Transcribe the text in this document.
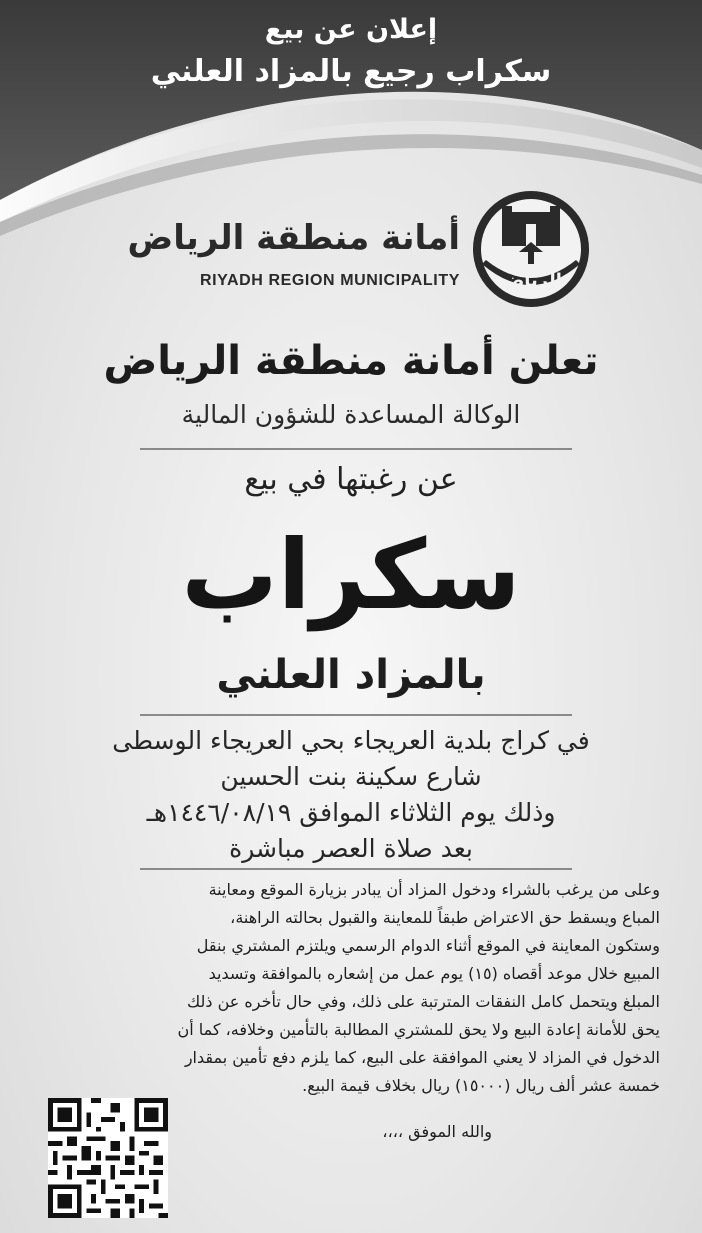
إعلان عن بيع
سكراب رجيع بالمزاد العلني
أمانة منطقة الرياض
RIYADH REGION MUNICIPALITY الرياض
تعلن أمانة منطقة الرياض
الوكالة المساعدة للشؤون المالية
عن رغبتها في بيع
سكراب
بالمزاد العلني
في كراج بلدية العريجاء بحي العريجاء الوسطى
شارع سكينة بنت الحسين
وذلك يوم الثلاثاء الموافق ١٤٤٦/٠٨/١٩هـ
بعد صلاة العصر مباشرة
وعلى من يرغب بالشراء ودخول المزاد أن يبادر بزيارة الموقع ومعاينة
المباع ويسقط حق الاعتراض طبقاً للمعاينة والقبول بحالته الراهنة،
وستكون المعاينة في الموقع أثناء الدوام الرسمي ويلتزم المشتري بنقل
المبيع خلال موعد أقصاه (١٥) يوم عمل من إشعاره بالموافقة وتسديد
المبلغ ويتحمل كامل النفقات المترتبة على ذلك، وفي حال تأخره عن ذلك
يحق للأمانة إعادة البيع ولا يحق للمشتري المطالبة بالتأمين وخلافه، كما أن
الدخول في المزاد لا يعني الموافقة على البيع، كما يلزم دفع تأمين بمقدار
خمسة عشر ألف ريال (١٥٠٠٠) ريال بخلاف قيمة البيع.
والله الموفق ،،،،
